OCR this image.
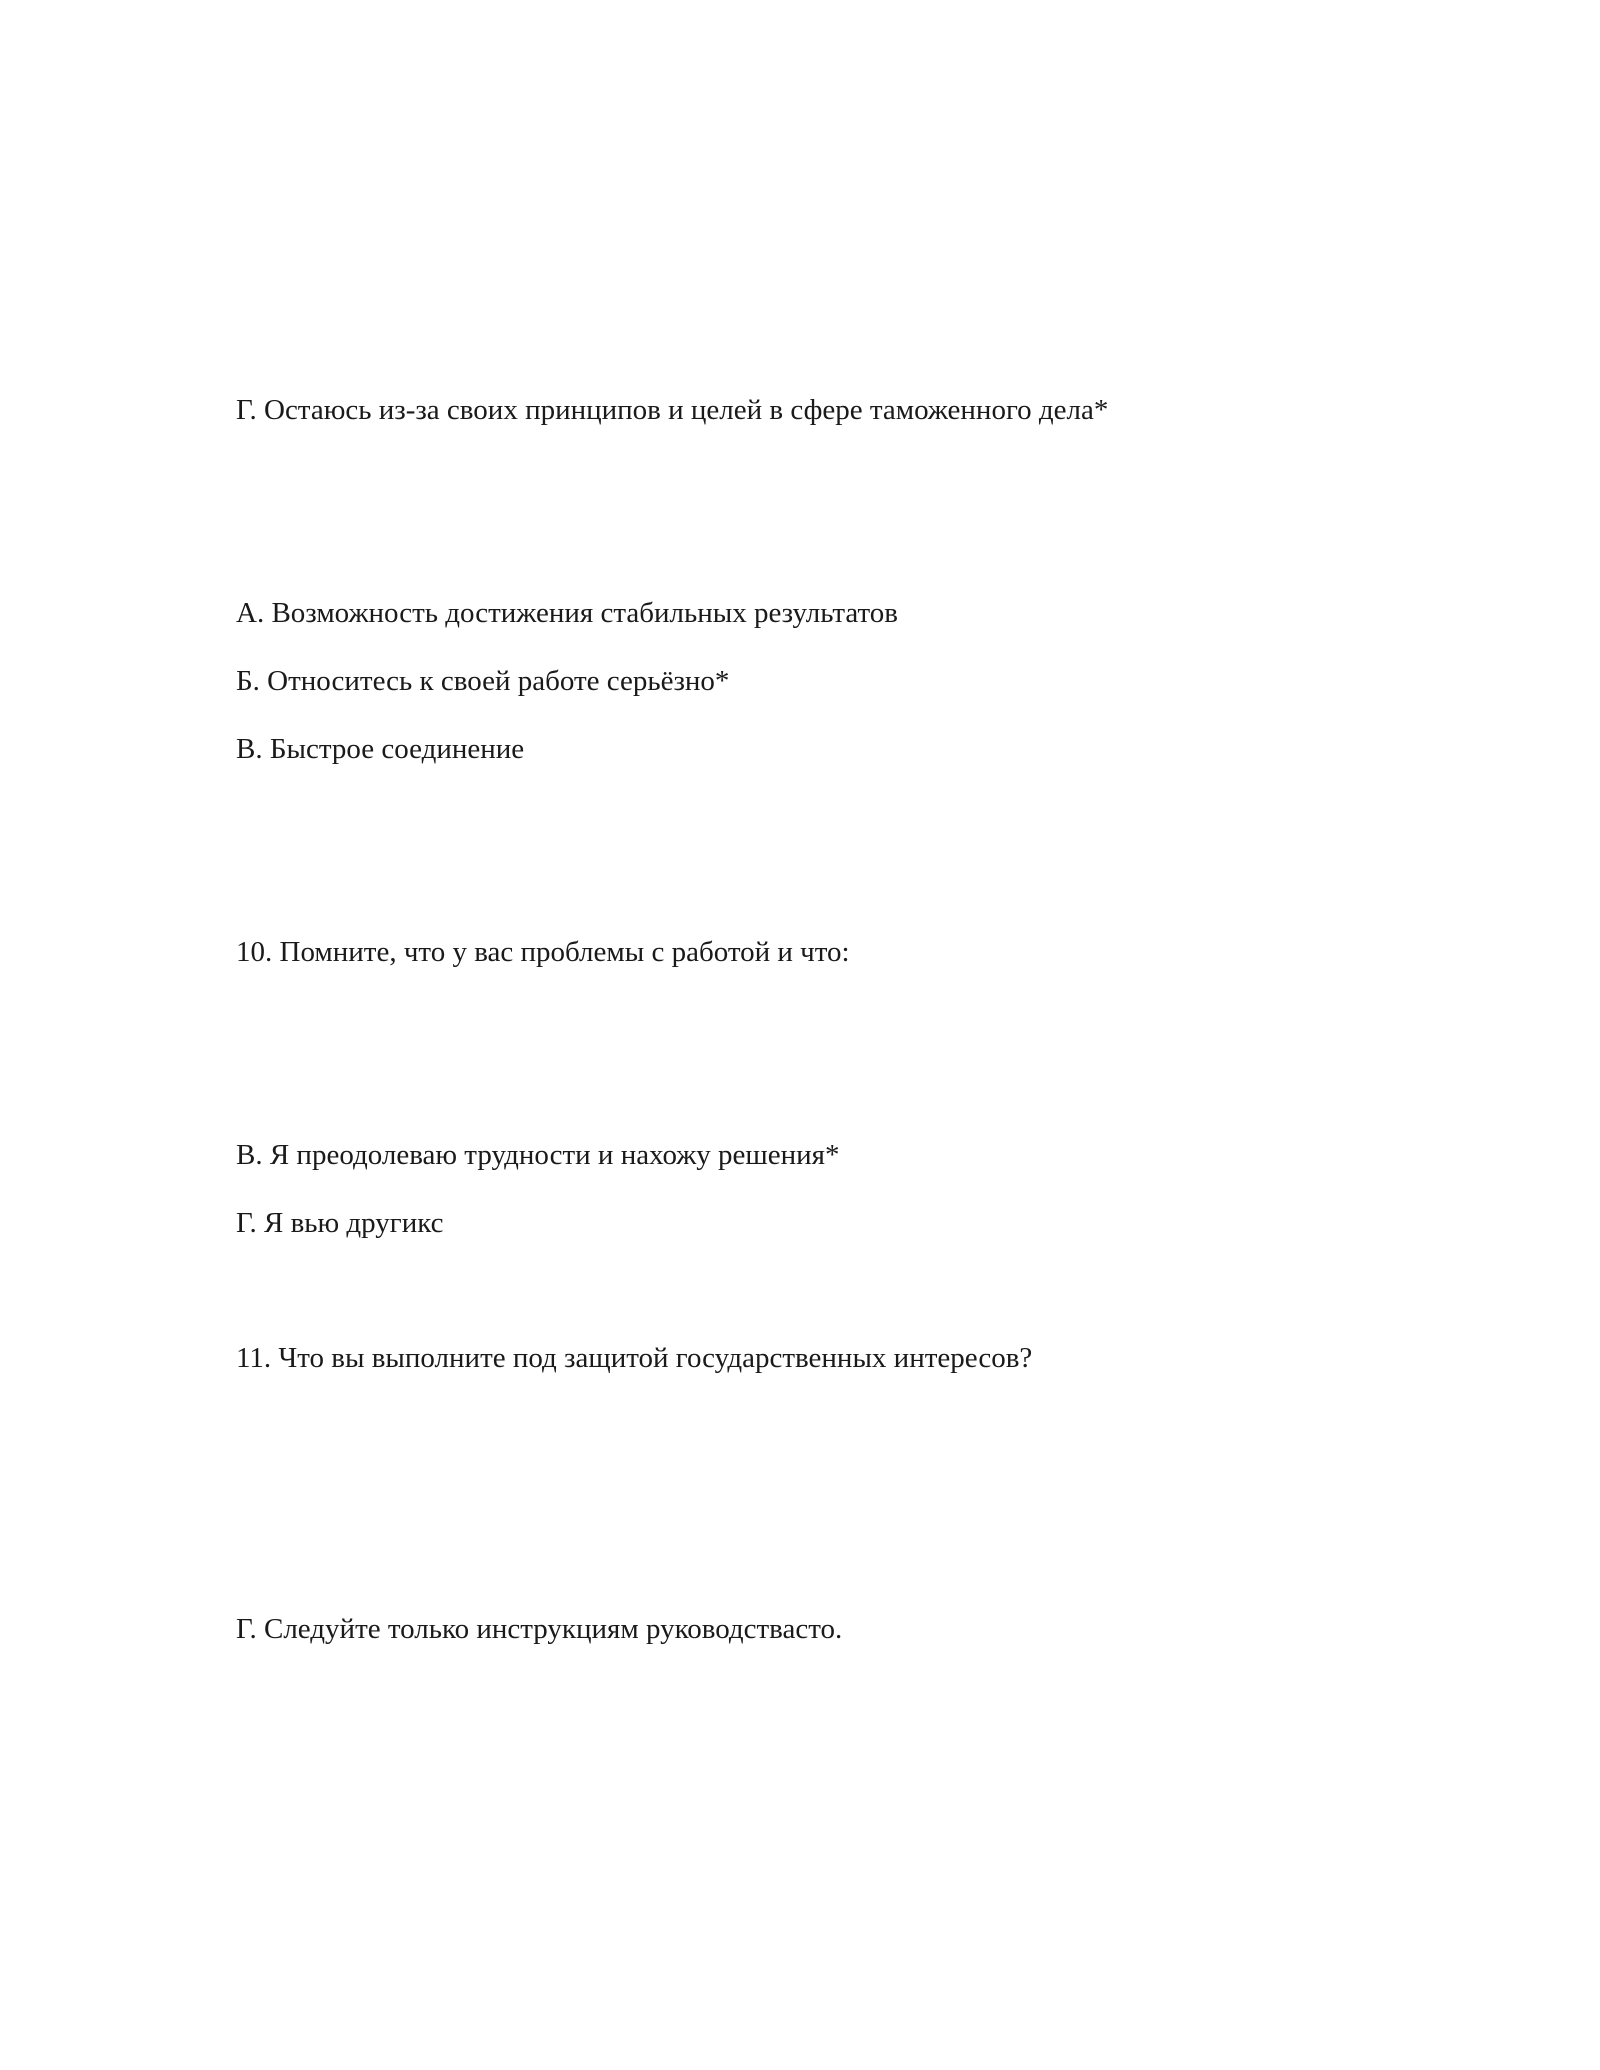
Г. Остаюсь из-за своих принципов и целей в сфере таможенного дела*
А. Возможность достижения стабильных результатов
Б. Относитесь к своей работе серьёзно*
В. Быстрое соединение
10. Помните, что у вас проблемы с работой и что:
В. Я преодолеваю трудности и нахожу решения*
Г. Я вью другикс
11. Что вы выполните под защитой государственных интересов?
Г. Следуйте только инструкциям руководствасто.
